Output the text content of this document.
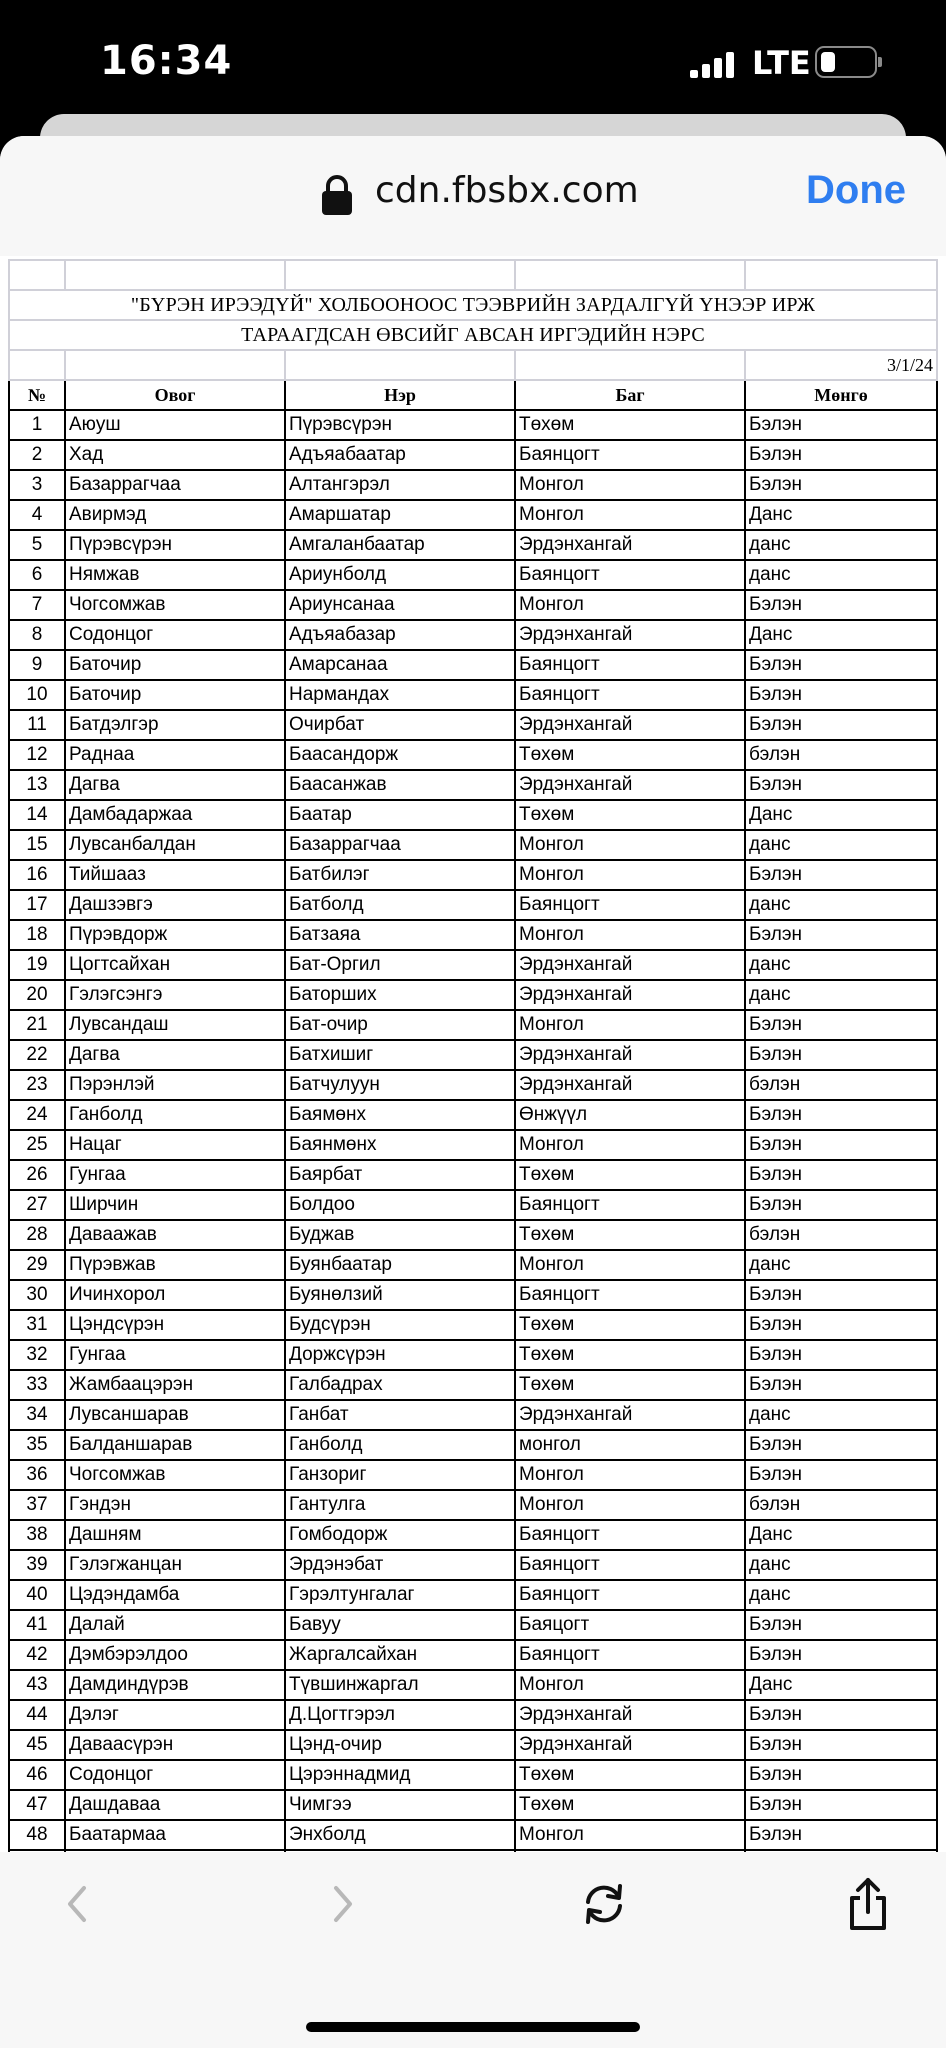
16:34	LTE
cdn.fbsbx.com	Done

"БҮРЭН ИРЭЭДҮЙ" ХОЛБООНООС ТЭЭВРИЙН ЗАРДАЛГҮЙ ҮНЭЭР ИРЖ				
ТАРААГДСАН ӨВСИЙГ АВСАН ИРГЭДИЙН НЭРС				
				3/1/24
№	Овог	Нэр	Баг	Мөнгө
1	Аюуш	Пүрэвсүрэн	Төхөм	Бэлэн
2	Хад	Адъяабаатар	Баянцогт	Бэлэн
3	Базаррагчаа	Алтангэрэл	Монгол	Бэлэн
4	Авирмэд	Амаршатар	Монгол	Данс
5	Пүрэвсүрэн	Амгаланбаатар	Эрдэнхангай	данс
6	Нямжав	Ариунболд	Баянцогт	данс
7	Чогсомжав	Ариунсанаа	Монгол	Бэлэн
8	Содонцог	Адъяабазар	Эрдэнхангай	Данс
9	Баточир	Амарсанаа	Баянцогт	Бэлэн
10	Баточир	Нармандах	Баянцогт	Бэлэн
11	Батдэлгэр	Очирбат	Эрдэнхангай	Бэлэн
12	Раднаа	Баасандорж	Төхөм	бэлэн
13	Дагва	Баасанжав	Эрдэнхангай	Бэлэн
14	Дамбадаржаа	Баатар	Төхөм	Данс
15	Лувсанбалдан	Базаррагчаа	Монгол	данс
16	Тийшааз	Батбилэг	Монгол	Бэлэн
17	Дашзэвгэ	Батболд	Баянцогт	данс
18	Пүрэвдорж	Батзаяа	Монгол	Бэлэн
19	Цогтсайхан	Бат-Оргил	Эрдэнхангай	данс
20	Гэлэгсэнгэ	Баторших	Эрдэнхангай	данс
21	Лувсандаш	Бат-очир	Монгол	Бэлэн
22	Дагва	Батхишиг	Эрдэнхангай	Бэлэн
23	Пэрэнлэй	Батчулуун	Эрдэнхангай	бэлэн
24	Ганболд	Баямөнх	Өнжүүл	Бэлэн
25	Нацаг	Баянмөнх	Монгол	Бэлэн
26	Гунгаа	Баярбат	Төхөм	Бэлэн
27	Ширчин	Болдоо	Баянцогт	Бэлэн
28	Даваажав	Буджав	Төхөм	бэлэн
29	Пүрэвжав	Буянбаатар	Монгол	данс
30	Ичинхорол	Буянөлзий	Баянцогт	Бэлэн
31	Цэндсүрэн	Будсүрэн	Төхөм	Бэлэн
32	Гунгаа	Доржсүрэн	Төхөм	Бэлэн
33	Жамбаацэрэн	Галбадрах	Төхөм	Бэлэн
34	Лувсаншарав	Ганбат	Эрдэнхангай	данс
35	Балданшарав	Ганболд	монгол	Бэлэн
36	Чогсомжав	Ганзориг	Монгол	Бэлэн
37	Гэндэн	Гантулга	Монгол	бэлэн
38	Дашням	Гомбодорж	Баянцогт	Данс
39	Гэлэгжанцан	Эрдэнэбат	Баянцогт	данс
40	Цэдэндамба	Гэрэлтунгалаг	Баянцогт	данс
41	Далай	Бавуу	Баяцогт	Бэлэн
42	Дэмбэрэлдоо	Жаргалсайхан	Баянцогт	Бэлэн
43	Дамдиндүрэв	Түвшинжаргал	Монгол	Данс
44	Дэлэг	Д.Цогтгэрэл	Эрдэнхангай	Бэлэн
45	Даваасүрэн	Цэнд-очир	Эрдэнхангай	Бэлэн
46	Содонцог	Цэрэннадмид	Төхөм	Бэлэн
47	Дашдаваа	Чимгээ	Төхөм	Бэлэн
48	Баатармаа	Энхболд	Монгол	Бэлэн
